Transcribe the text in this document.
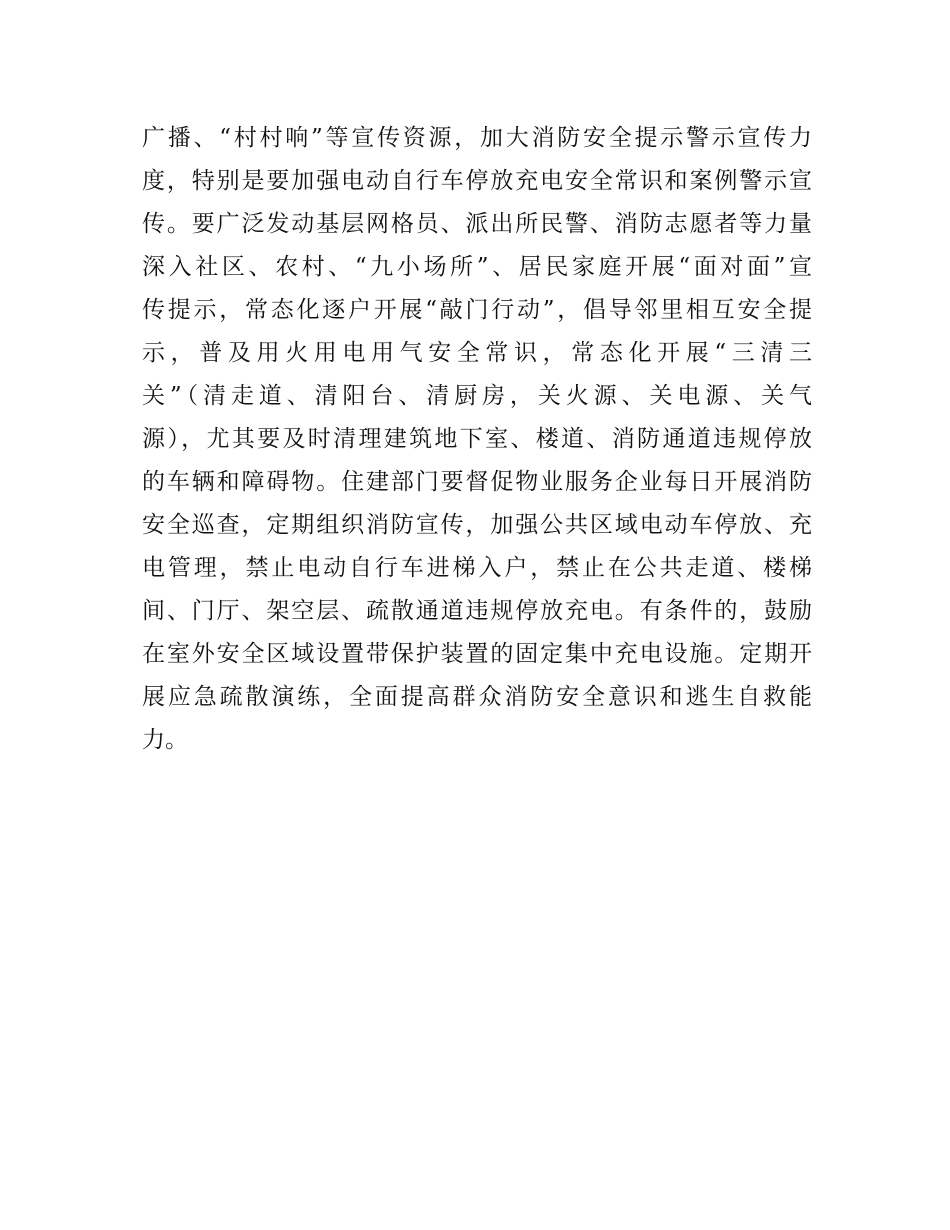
广播、“村村响”等宣传资源，加大消防安全提示警示宣传力
度，特别是要加强电动自行车停放充电安全常识和案例警示宣
传。要广泛发动基层网格员、派出所民警、消防志愿者等力量
深入社区、农村、“九小场所”、居民家庭开展“面对面”宣
传提示，常态化逐户开展“敲门行动”，倡导邻里相互安全提
示，普及用火用电用气安全常识，常态化开展“三清三
关”（清走道、清阳台、清厨房，关火源、关电源、关气
源），尤其要及时清理建筑地下室、楼道、消防通道违规停放
的车辆和障碍物。住建部门要督促物业服务企业每日开展消防
安全巡查，定期组织消防宣传，加强公共区域电动车停放、充
电管理，禁止电动自行车进梯入户，禁止在公共走道、楼梯
间、门厅、架空层、疏散通道违规停放充电。有条件的，鼓励
在室外安全区域设置带保护装置的固定集中充电设施。定期开
展应急疏散演练，全面提高群众消防安全意识和逃生自救能
力。
